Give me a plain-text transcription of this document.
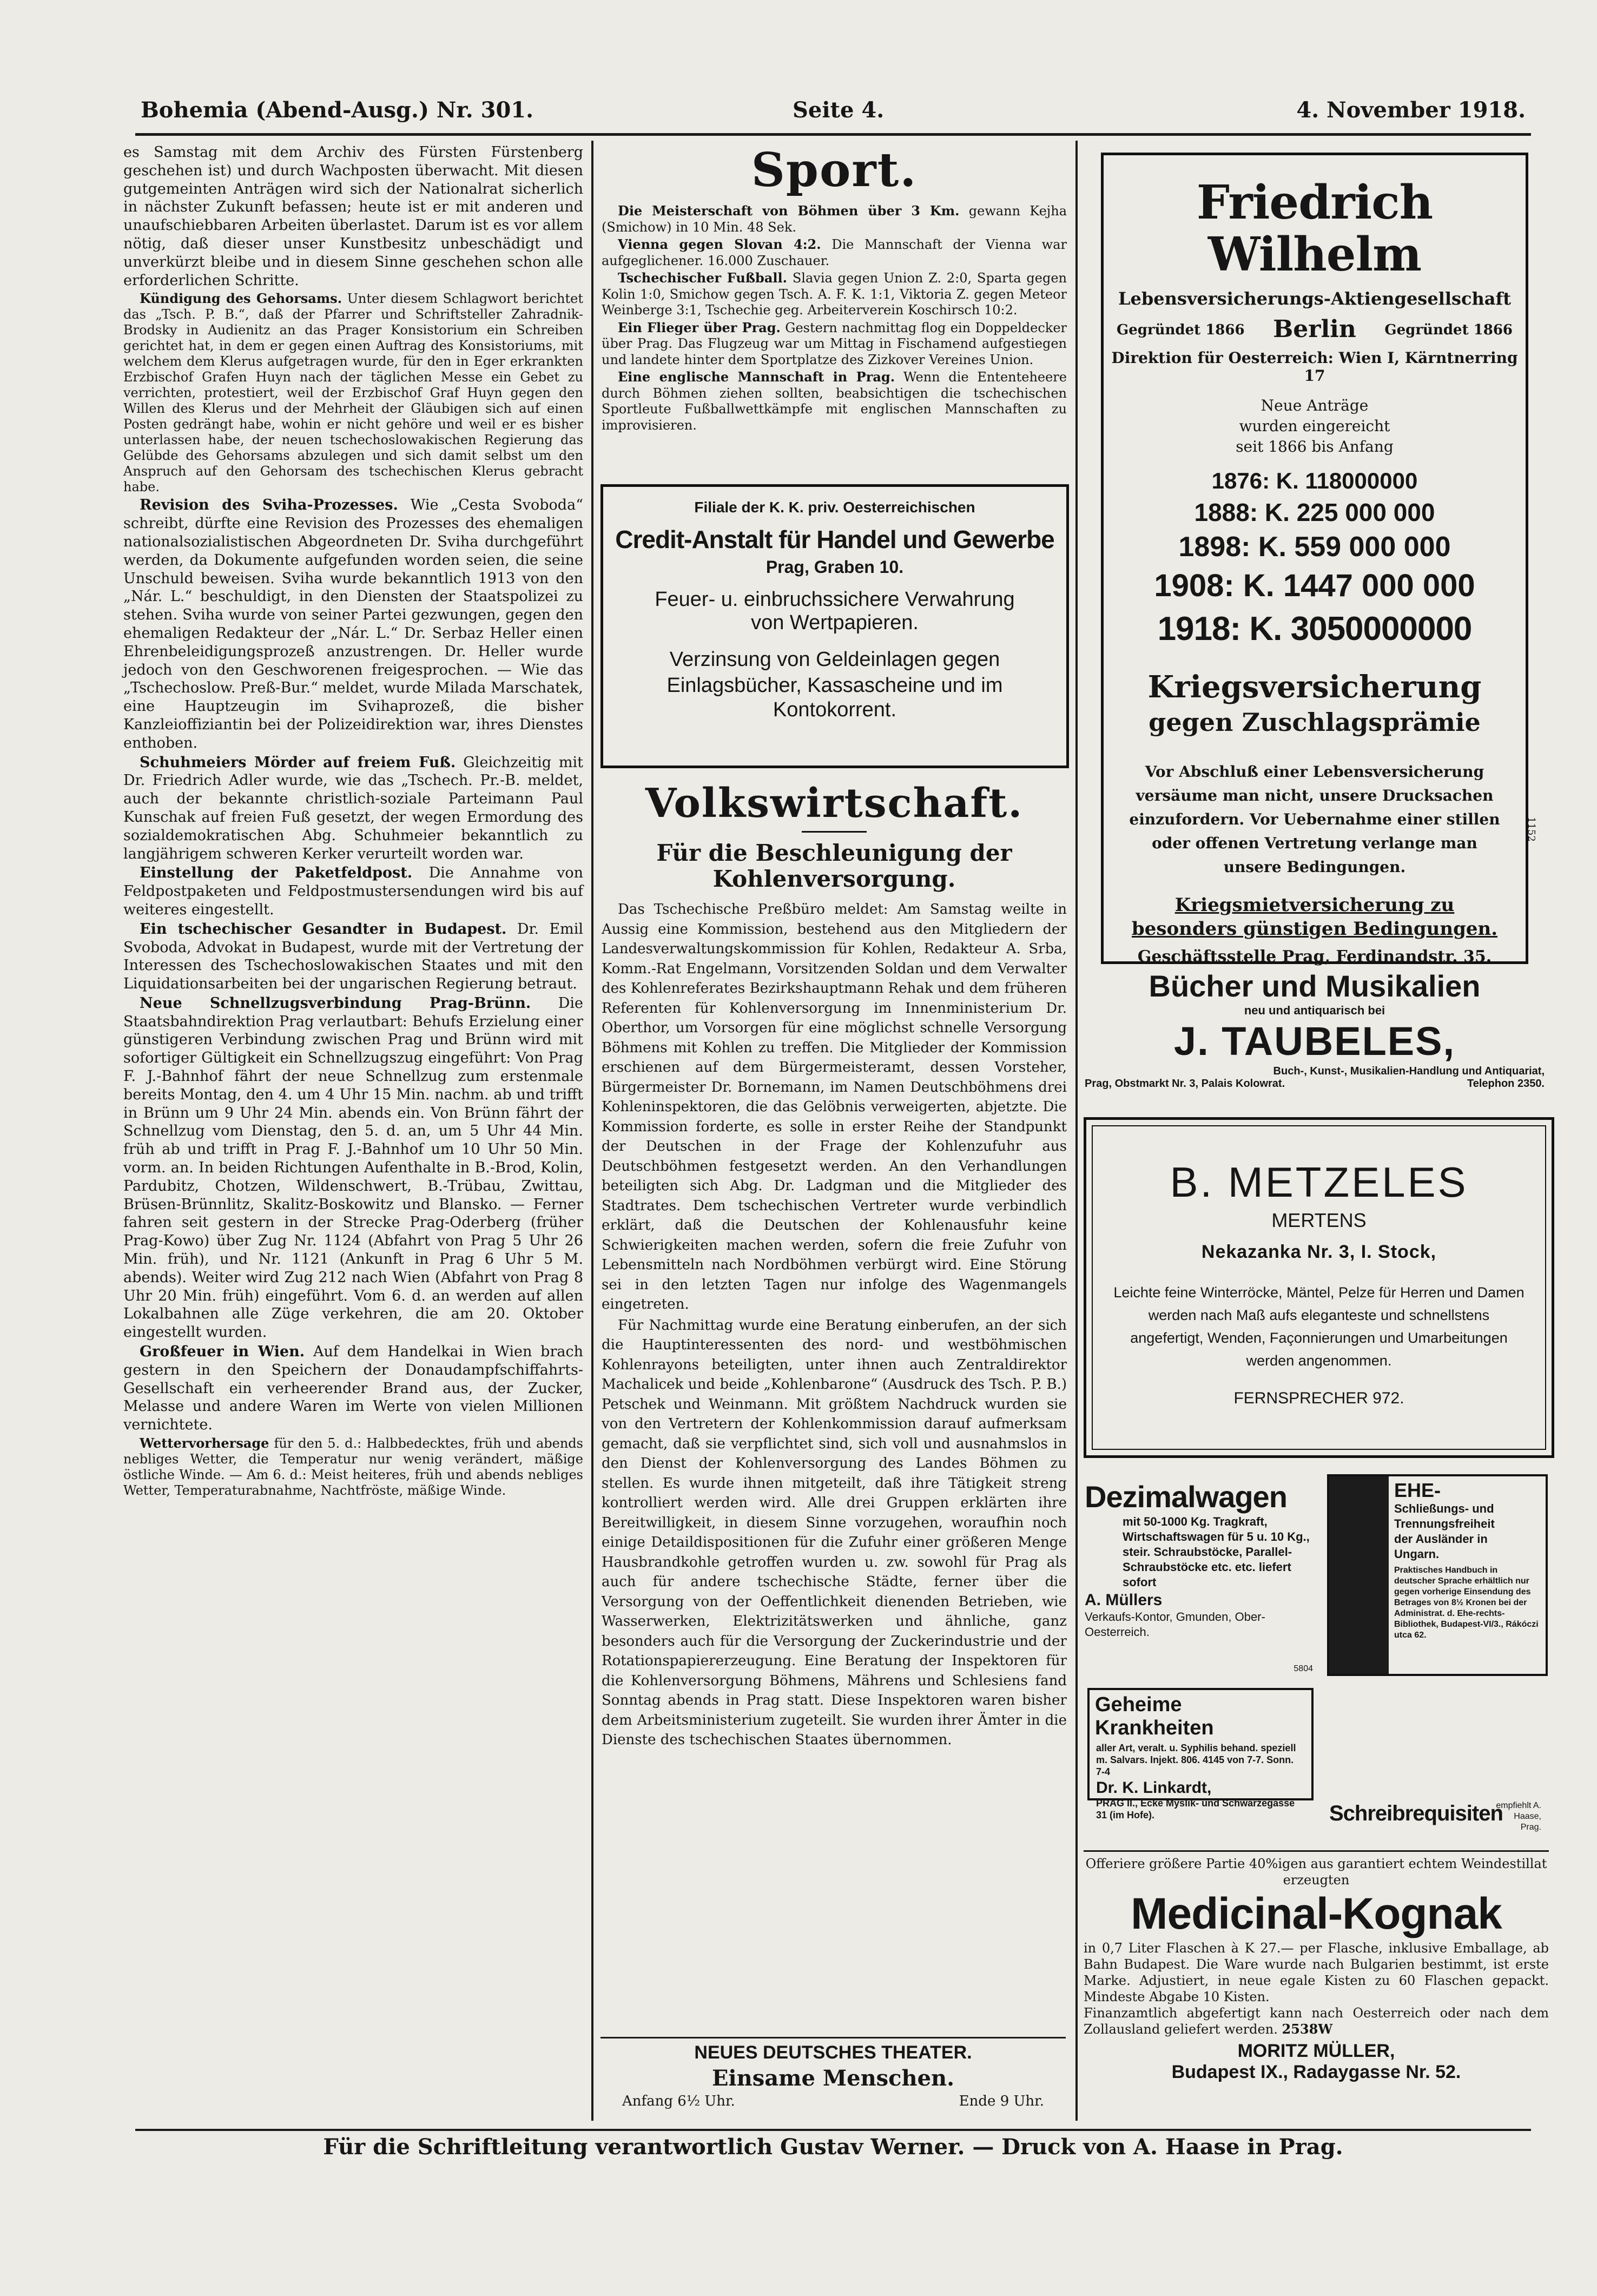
Bohemia (Abend-Ausg.) Nr. 301.	Seite 4.	4. November 1918.

es Samstag mit dem Archiv des Fürsten Fürstenberg geschehen ist) und durch Wachposten überwacht. Mit diesen gutgemeinten Anträgen wird sich der Nationalrat sicherlich in nächster Zukunft befassen; heute ist er mit anderen und unaufschiebbaren Arbeiten überlastet. Darum ist es vor allem nötig, daß dieser unser Kunstbesitz unbeschädigt und unverkürzt bleibe und in diesem Sinne geschehen schon alle erforderlichen Schritte.

Kündigung des Gehorsams. Unter diesem Schlagwort berichtet das „Tsch. P. B.“, daß der Pfarrer und Schriftsteller Zahradnik-Brodsky in Audienitz an das Prager Konsistorium ein Schreiben gerichtet hat, in dem er gegen einen Auftrag des Konsistoriums, mit welchem dem Klerus aufgetragen wurde, für den in Eger erkrankten Erzbischof Grafen Huyn nach der täglichen Messe ein Gebet zu verrichten, protestiert, weil der Erzbischof Graf Huyn gegen den Willen des Klerus und der Mehrheit der Gläubigen sich auf einen Posten gedrängt habe, wohin er nicht gehöre und weil er es bisher unterlassen habe, der neuen tschechoslowakischen Regierung das Gelübde des Gehorsams abzulegen und sich damit selbst um den Anspruch auf den Gehorsam des tschechischen Klerus gebracht habe.

Revision des Sviha-Prozesses. Wie „Cesta Svoboda“ schreibt, dürfte eine Revision des Prozesses des ehemaligen nationalsozialistischen Abgeordneten Dr. Sviha durchgeführt werden, da Dokumente aufgefunden worden seien, die seine Unschuld beweisen. Sviha wurde bekanntlich 1913 von den „Nár. L.“ beschuldigt, in den Diensten der Staatspolizei zu stehen. Sviha wurde von seiner Partei gezwungen, gegen den ehemaligen Redakteur der „Nár. L.“ Dr. Serbaz Heller einen Ehrenbeleidigungsprozeß anzustrengen. Dr. Heller wurde jedoch von den Geschworenen freigesprochen. — Wie das „Tschechoslow. Preß-Bur.“ meldet, wurde Milada Marschatek, eine Hauptzeugin im Svihaprozeß, die bisher Kanzleioffiziantin bei der Polizeidirektion war, ihres Dienstes enthoben.

Schuhmeiers Mörder auf freiem Fuß. Gleichzeitig mit Dr. Friedrich Adler wurde, wie das „Tschech. Pr.-B. meldet, auch der bekannte christlich-soziale Parteimann Paul Kunschak auf freien Fuß gesetzt, der wegen Ermordung des sozialdemokratischen Abg. Schuhmeier bekanntlich zu langjährigem schweren Kerker verurteilt worden war.

Einstellung der Paketfeldpost. Die Annahme von Feldpostpaketen und Feldpostmustersendungen wird bis auf weiteres eingestellt.

Ein tschechischer Gesandter in Budapest. Dr. Emil Svoboda, Advokat in Budapest, wurde mit der Vertretung der Interessen des Tschechoslowakischen Staates und mit den Liquidationsarbeiten bei der ungarischen Regierung betraut.

Neue Schnellzugsverbindung Prag-Brünn. Die Staatsbahndirektion Prag verlautbart: Behufs Erzielung einer günstigeren Verbindung zwischen Prag und Brünn wird mit sofortiger Gültigkeit ein Schnellzugszug eingeführt: Von Prag F. J.-Bahnhof fährt der neue Schnellzug zum erstenmale bereits Montag, den 4. um 4 Uhr 15 Min. nachm. ab und trifft in Brünn um 9 Uhr 24 Min. abends ein. Von Brünn fährt der Schnellzug vom Dienstag, den 5. d. an, um 5 Uhr 44 Min. früh ab und trifft in Prag F. J.-Bahnhof um 10 Uhr 50 Min. vorm. an. In beiden Richtungen Aufenthalte in B.-Brod, Kolin, Pardubitz, Chotzen, Wildenschwert, B.-Trübau, Zwittau, Brüsen-Brünnlitz, Skalitz-Boskowitz und Blansko. — Ferner fahren seit gestern in der Strecke Prag-Oderberg (früher Prag-Kowo) über Zug Nr. 1124 (Abfahrt von Prag 5 Uhr 26 Min. früh), und Nr. 1121 (Ankunft in Prag 6 Uhr 5 M. abends). Weiter wird Zug 212 nach Wien (Abfahrt von Prag 8 Uhr 20 Min. früh) eingeführt. Vom 6. d. an werden auf allen Lokalbahnen alle Züge verkehren, die am 20. Oktober eingestellt wurden.

Großfeuer in Wien. Auf dem Handelkai in Wien brach gestern in den Speichern der Donaudampfschiffahrts-Gesellschaft ein verheerender Brand aus, der Zucker, Melasse und andere Waren im Werte von vielen Millionen vernichtete.

Wettervorhersage für den 5. d.: Halbbedecktes, früh und abends nebliges Wetter, die Temperatur nur wenig verändert, mäßige östliche Winde. — Am 6. d.: Meist heiteres, früh und abends nebliges Wetter, Temperaturabnahme, Nachtfröste, mäßige Winde.

Sport.

Die Meisterschaft von Böhmen über 3 Km. gewann Kejha (Smichow) in 10 Min. 48 Sek.

Vienna gegen Slovan 4:2. Die Mannschaft der Vienna war aufgeglichener. 16.000 Zuschauer.

Tschechischer Fußball. Slavia gegen Union Z. 2:0, Sparta gegen Kolin 1:0, Smichow gegen Tsch. A. F. K. 1:1, Viktoria Z. gegen Meteor Weinberge 3:1, Tschechie geg. Arbeiterverein Koschirsch 10:2.

Ein Flieger über Prag. Gestern nachmittag flog ein Doppeldecker über Prag. Das Flugzeug war um Mittag in Fischamend aufgestiegen und landete hinter dem Sportplatze des Zizkover Vereines Union.

Eine englische Mannschaft in Prag. Wenn die Ententeheere durch Böhmen ziehen sollten, beabsichtigen die tschechischen Sportleute Fußballwettkämpfe mit englischen Mannschaften zu improvisieren.

Filiale der K. K. priv. Oesterreichischen
Credit-Anstalt für Handel und Gewerbe
Prag, Graben 10.
Feuer- u. einbruchssichere Verwahrung
von Wertpapieren.
Verzinsung von Geldeinlagen gegen Einlagsbücher, Kassascheine und im
Kontokorrent.
Volkswirtschaft.
Für die Beschleunigung der Kohlenversorgung.

Das Tschechische Preßbüro meldet: Am Samstag weilte in Aussig eine Kommission, bestehend aus den Mitgliedern der Landesverwaltungskommission für Kohlen, Redakteur A. Srba, Komm.-Rat Engelmann, Vorsitzenden Soldan und dem Verwalter des Kohlenreferates Bezirkshauptmann Rehak und dem früheren Referenten für Kohlenversorgung im Innenministerium Dr. Oberthor, um Vorsorgen für eine möglichst schnelle Versorgung Böhmens mit Kohlen zu treffen. Die Mitglieder der Kommission erschienen auf dem Bürgermeisteramt, dessen Vorsteher, Bürgermeister Dr. Bornemann, im Namen Deutschböhmens drei Kohleninspektoren, die das Gelöbnis verweigerten, abjetzte. Die Kommission forderte, es solle in erster Reihe der Standpunkt der Deutschen in der Frage der Kohlenzufuhr aus Deutschböhmen festgesetzt werden. An den Verhandlungen beteiligten sich Abg. Dr. Ladgman und die Mitglieder des Stadtrates. Dem tschechischen Vertreter wurde verbindlich erklärt, daß die Deutschen der Kohlenausfuhr keine Schwierigkeiten machen werden, sofern die freie Zufuhr von Lebensmitteln nach Nordböhmen verbürgt wird. Eine Störung sei in den letzten Tagen nur infolge des Wagenmangels eingetreten.

Für Nachmittag wurde eine Beratung einberufen, an der sich die Hauptinteressenten des nord- und westböhmischen Kohlenrayons beteiligten, unter ihnen auch Zentraldirektor Machalicek und beide „Kohlenbarone“ (Ausdruck des Tsch. P. B.) Petschek und Weinmann. Mit größtem Nachdruck wurden sie von den Vertretern der Kohlenkommission darauf aufmerksam gemacht, daß sie verpflichtet sind, sich voll und ausnahmslos in den Dienst der Kohlenversorgung des Landes Böhmen zu stellen. Es wurde ihnen mitgeteilt, daß ihre Tätigkeit streng kontrolliert werden wird. Alle drei Gruppen erklärten ihre Bereitwilligkeit, in diesem Sinne vorzugehen, woraufhin noch einige Detaildispositionen für die Zufuhr einer größeren Menge Hausbrandkohle getroffen wurden u. zw. sowohl für Prag als auch für andere tschechische Städte, ferner über die Versorgung von der Oeffentlichkeit dienenden Betrieben, wie Wasserwerken, Elektrizitätswerken und ähnliche, ganz besonders auch für die Versorgung der Zuckerindustrie und der Rotationspapiererzeugung. Eine Beratung der Inspektoren für die Kohlenversorgung Böhmens, Mährens und Schlesiens fand Sonntag abends in Prag statt. Diese Inspektoren waren bisher dem Arbeitsministerium zugeteilt. Sie wurden ihrer Ämter in die Dienste des tschechischen Staates übernommen.

NEUES DEUTSCHES THEATER.
Einsame Menschen.
Anfang 6½ Uhr.	Ende 9 Uhr.
Friedrich Wilhelm
Lebensversicherungs-Aktiengesellschaft
Gegründet 1866	Berlin	Gegründet 1866
Direktion für Oesterreich: Wien I, Kärntnerring 17
Neue Anträge
wurden eingereicht
seit 1866 bis Anfang
1876: K. 118000000
1888: K. 225 000 000
1898: K. 559 000 000
1908: K. 1447 000 000
1918: K. 3050000000
Kriegsversicherung
gegen Zuschlagsprämie
Vor Abschluß einer Lebensversicherung versäume man nicht, unsere Drucksachen einzufordern. Vor Uebernahme einer stillen oder offenen Vertretung verlange man unsere Bedingungen.
Kriegsmietversicherung zu besonders günstigen Bedingungen.
Geschäftsstelle Prag, Ferdinandstr. 35.
1152
Bücher und Musikalien
neu und antiquarisch bei
J. TAUBELES,
Buch-, Kunst-, Musikalien-Handlung und Antiquariat,
Prag, Obstmarkt Nr. 3, Palais Kolowrat.	Telephon 2350.
B. METZELES
MERTENS
Nekazanka Nr. 3, I. Stock,
Leichte feine Winterröcke, Mäntel, Pelze für Herren und Damen werden nach Maß aufs eleganteste und schnellstens angefertigt, Wenden, Façonnierungen und Umarbeitungen werden angenommen.
FERNSPRECHER 972.
Dezimalwagen
mit 50-1000 Kg. Tragkraft, Wirtschaftswagen für 5 u. 10 Kg., steir. Schraubstöcke, Parallel-Schraubstöcke etc. etc. liefert sofort
A. Müllers
Verkaufs-Kontor, Gmunden, Ober-Oesterreich.
5804
Geheime Krankheiten
aller Art, veralt. u. Syphilis behand. speziell m. Salvars. Injekt. 806. 4145 von 7-7. Sonn. 7-4
Dr. K. Linkardt,
PRAG II., Ecke Myslik- und Schwarzegasse 31 (im Hofe).
EHE-
Schließungs- und
Trennungsfreiheit
der Ausländer in
Ungarn.
Praktisches Handbuch in deutscher Sprache erhältlich nur gegen vorherige Einsendung des Betrages von 8½ Kronen bei der Administrat. d. Ehe-rechts-Bibliothek, Budapest-VI/3., Rákóczi utca 62.
Schreibrequisiten
empfiehlt A. Haase, Prag.
Offeriere größere Partie 40%igen aus garantiert echtem Weindestillat erzeugten
Medicinal-Kognak
in 0,7 Liter Flaschen à K 27.— per Flasche, inklusive Emballage, ab Bahn Budapest. Die Ware wurde nach Bulgarien bestimmt, ist erste Marke. Adjustiert, in neue egale Kisten zu 60 Flaschen gepackt. Mindeste Abgabe 10 Kisten.
Finanzamtlich abgefertigt kann nach Oesterreich oder nach dem Zollausland geliefert werden. 2538W
MORITZ MÜLLER,
Budapest IX., Radaygasse Nr. 52.
Für die Schriftleitung verantwortlich Gustav Werner. — Druck von A. Haase in Prag.
